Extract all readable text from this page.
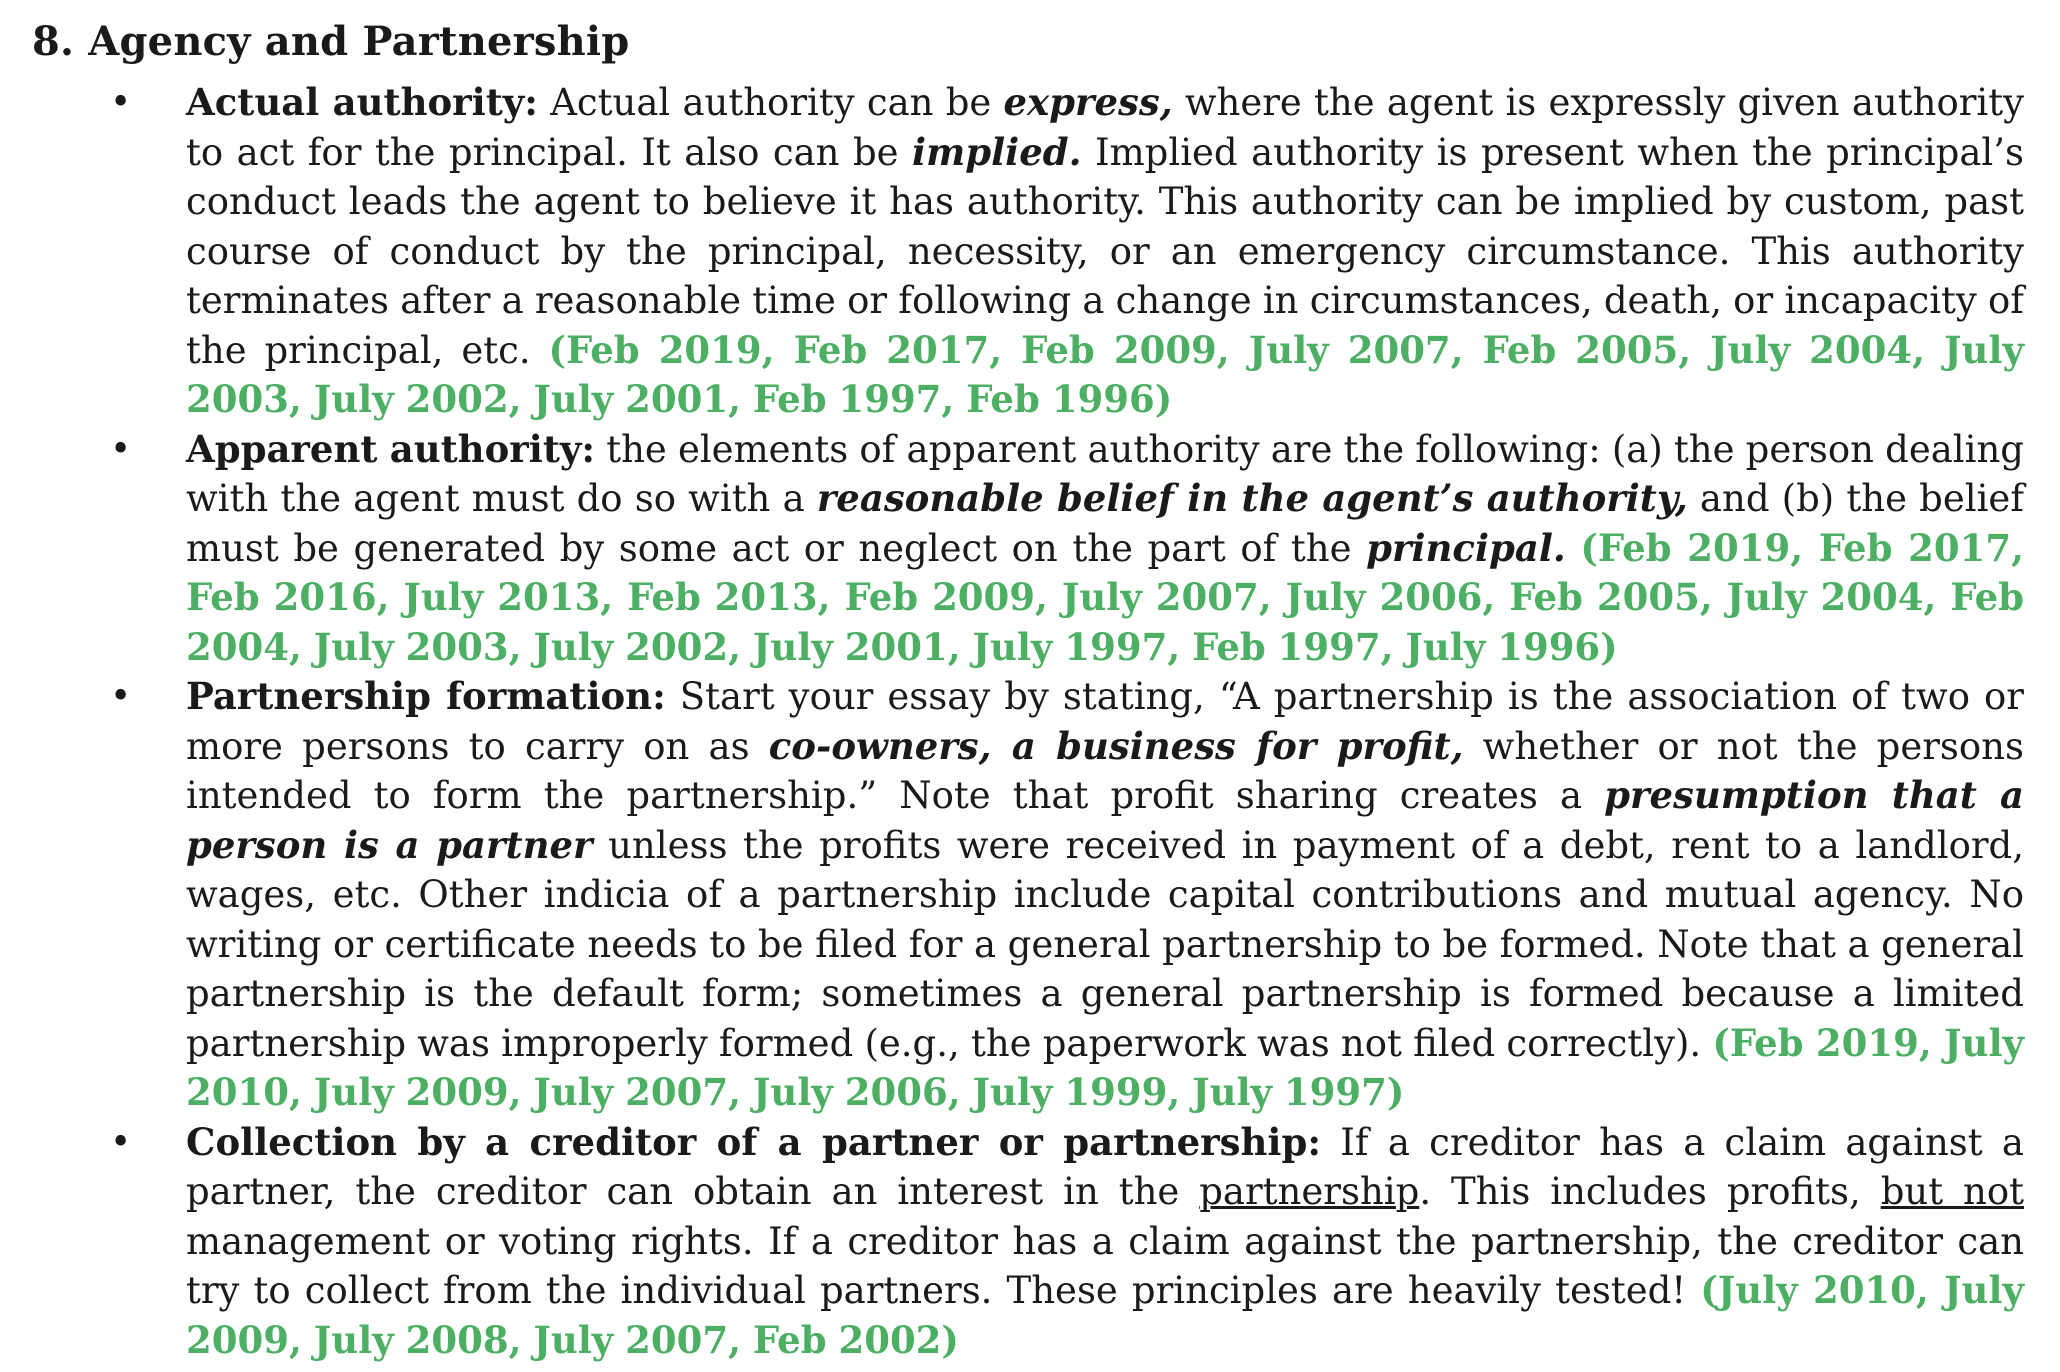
8. Agency and Partnership
• Actual authority: Actual authority can be express, where the agent is expressly given authority to act for the principal. It also can be implied. Implied authority is present when the principal’s conduct leads the agent to believe it has authority. This authority can be implied by custom, past course of conduct by the principal, necessity, or an emergency circumstance. This authority terminates after a reasonable time or following a change in circumstances, death, or incapacity of the principal, etc. (Feb 2019, Feb 2017, Feb 2009, July 2007, Feb 2005, July 2004, July 2003, July 2002, July 2001, Feb 1997, Feb 1996)
• Apparent authority: the elements of apparent authority are the following: (a) the person dealing with the agent must do so with a reasonable belief in the agent’s authority, and (b) the belief must be generated by some act or neglect on the part of the principal. (Feb 2019, Feb 2017, Feb 2016, July 2013, Feb 2013, Feb 2009, July 2007, July 2006, Feb 2005, July 2004, Feb 2004, July 2003, July 2002, July 2001, July 1997, Feb 1997, July 1996)
• Partnership formation: Start your essay by stating, “A partnership is the association of two or more persons to carry on as co-owners, a business for profit, whether or not the persons intended to form the partnership.” Note that profit sharing creates a presumption that a person is a partner unless the profits were received in payment of a debt, rent to a landlord, wages, etc. Other indicia of a partnership include capital contributions and mutual agency. No writing or certificate needs to be filed for a general partnership to be formed. Note that a general partnership is the default form; sometimes a general partnership is formed because a limited partnership was improperly formed (e.g., the paperwork was not filed correctly). (Feb 2019, July 2010, July 2009, July 2007, July 2006, July 1999, July 1997)
• Collection by a creditor of a partner or partnership: If a creditor has a claim against a partner, the creditor can obtain an interest in the partnership. This includes profits, but not management or voting rights. If a creditor has a claim against the partnership, the creditor can try to collect from the individual partners. These principles are heavily tested! (July 2010, July 2009, July 2008, July 2007, Feb 2002)
